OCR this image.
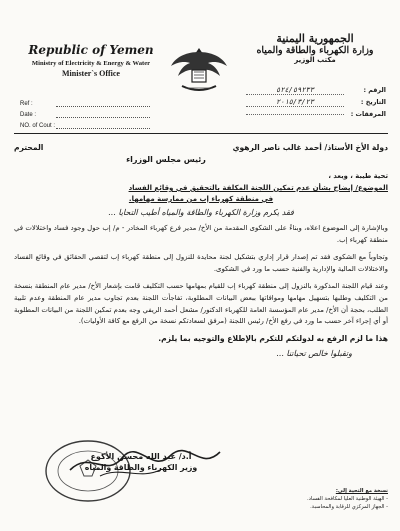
Republic of Yemen
Ministry of Electricity & Energy & Water
Minister`s Office
الجمهورية اليمنية
وزارة الكهرباء والطاقة والمياه
مكتب الوزير
Ref :
Date :
NO. of Cout :
الرقم :
٥٢٤/٥٩٢٣٣
التاريخ :
٢٠١٥/٣/٢٣
المرفقات :
دولة الأخ الأستاذ/ أحمد غالب ناصر الرهوي
المحترم
رئيس مجلس الوزراء
تحية طيبة ، وبعد ،
الموضوع/ إيضاح بشأن عدم تمكين اللجنة المكلفة بالتحقيق في وقائع الفساد
في منطقة كهرباء إب من ممارسة مهامها.
فقد يكرم وزارة الكهرباء والطاقة والمياه أطيب التحايا ...
وبالإشارة إلى الموضوع اعلاه، وبناءً على الشكوى المقدمة من الأخ/ مدير فرع كهرباء المخادر - م/ إب حول وجود فساد واختلالات في منطقة كهرباء إب.
وتجاوباً مع الشكوى فقد تم إصدار قرار إداري بتشكيل لجنة محايدة للنزول إلى منطقة كهرباء إب لتقصي الحقائق في وقائع الفساد والاختلالات المالية والإدارية والفنية حسب ما ورد في الشكوى.
وعند قيام اللجنة المذكورة بالنزول إلى منطقة كهرباء إب للقيام بمهامها حسب التكليف قامت بإشعار الأخ/ مدير عام المنطقة بنسخة من التكليف وطلبها بتسهيل مهامها وموافاتها ببعض البيانات المطلوبة، تفاجأت اللجنة بعدم تجاوب مدير عام المنطقة وعدم تلبية الطلب، بحجة أن الأخ/ مدير عام المؤسسة العامة للكهرباء الدكتور/ مشعل أحمد الريفي وجه بعدم تمكين اللجنة من البيانات المطلوبة أو أي إجراء آخر حسب ما ورد في رفع الأخ/ رئيس اللجنة (مرفق لسعادتكم نسخة من الرفع مع كافة الأوليات).
هذا ما لزم الرفع به لدولتكم للتكرم بالإطلاع والتوجيه بما يلزم.
وتقبلوا خالص تحياتنا ...
أ.د/ عبد الله محسن الأكوع
وزير الكهرباء والطاقة والمياه
نسخة مع التحية إلى:
- الهيئة الوطنية العليا لمكافحة الفساد.
- الجهاز المركزي للرقابة والمحاسبة.
